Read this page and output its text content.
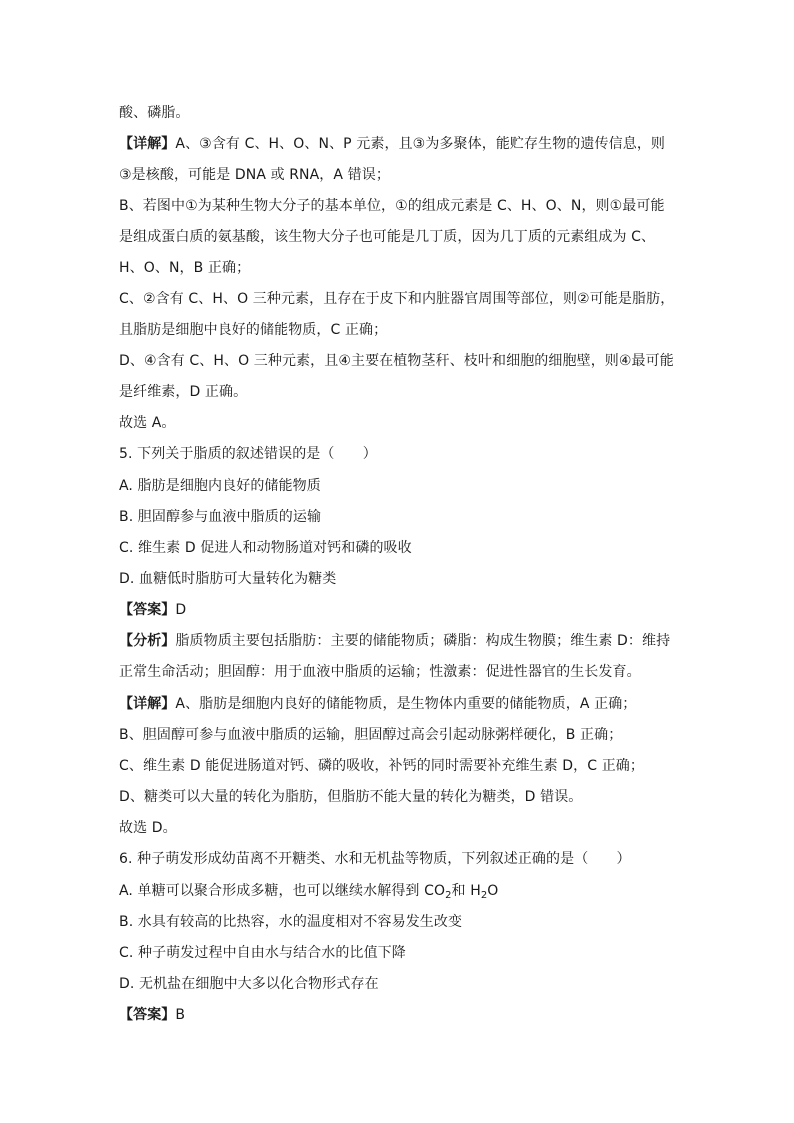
酸、磷脂。
【详解】A、③含有 C、H、O、N、P 元素，且③为多聚体，能贮存生物的遗传信息，则
③是核酸，可能是 DNA 或 RNA，A 错误；
B、若图中①为某种生物大分子的基本单位，①的组成元素是 C、H、O、N，则①最可能
是组成蛋白质的氨基酸，该生物大分子也可能是几丁质，因为几丁质的元素组成为 C、
H、O、N，B 正确；
C、②含有 C、H、O 三种元素，且存在于皮下和内脏器官周围等部位，则②可能是脂肪，
且脂肪是细胞中良好的储能物质，C 正确；
D、④含有 C、H、O 三种元素，且④主要在植物茎秆、枝叶和细胞的细胞壁，则④最可能
是纤维素，D 正确。
故选 A。
5. 下列关于脂质的叙述错误的是（　　）
A. 脂肪是细胞内良好的储能物质
B. 胆固醇参与血液中脂质的运输
C. 维生素 D 促进人和动物肠道对钙和磷的吸收
D. 血糖低时脂肪可大量转化为糖类
【答案】D
【分析】脂质物质主要包括脂肪：主要的储能物质；磷脂：构成生物膜；维生素 D：维持
正常生命活动；胆固醇：用于血液中脂质的运输；性激素：促进性器官的生长发育。
【详解】A、脂肪是细胞内良好的储能物质，是生物体内重要的储能物质，A 正确；
B、胆固醇可参与血液中脂质的运输，胆固醇过高会引起动脉粥样硬化，B 正确；
C、维生素 D 能促进肠道对钙、磷的吸收，补钙的同时需要补充维生素 D，C 正确；
D、糖类可以大量的转化为脂肪，但脂肪不能大量的转化为糖类，D 错误。
故选 D。
6. 种子萌发形成幼苗离不开糖类、水和无机盐等物质，下列叙述正确的是（　　）
A. 单糖可以聚合形成多糖，也可以继续水解得到 $CO_2$和 $H_2O$
B. 水具有较高的比热容，水的温度相对不容易发生改变
C. 种子萌发过程中自由水与结合水的比值下降
D. 无机盐在细胞中大多以化合物形式存在
【答案】B
